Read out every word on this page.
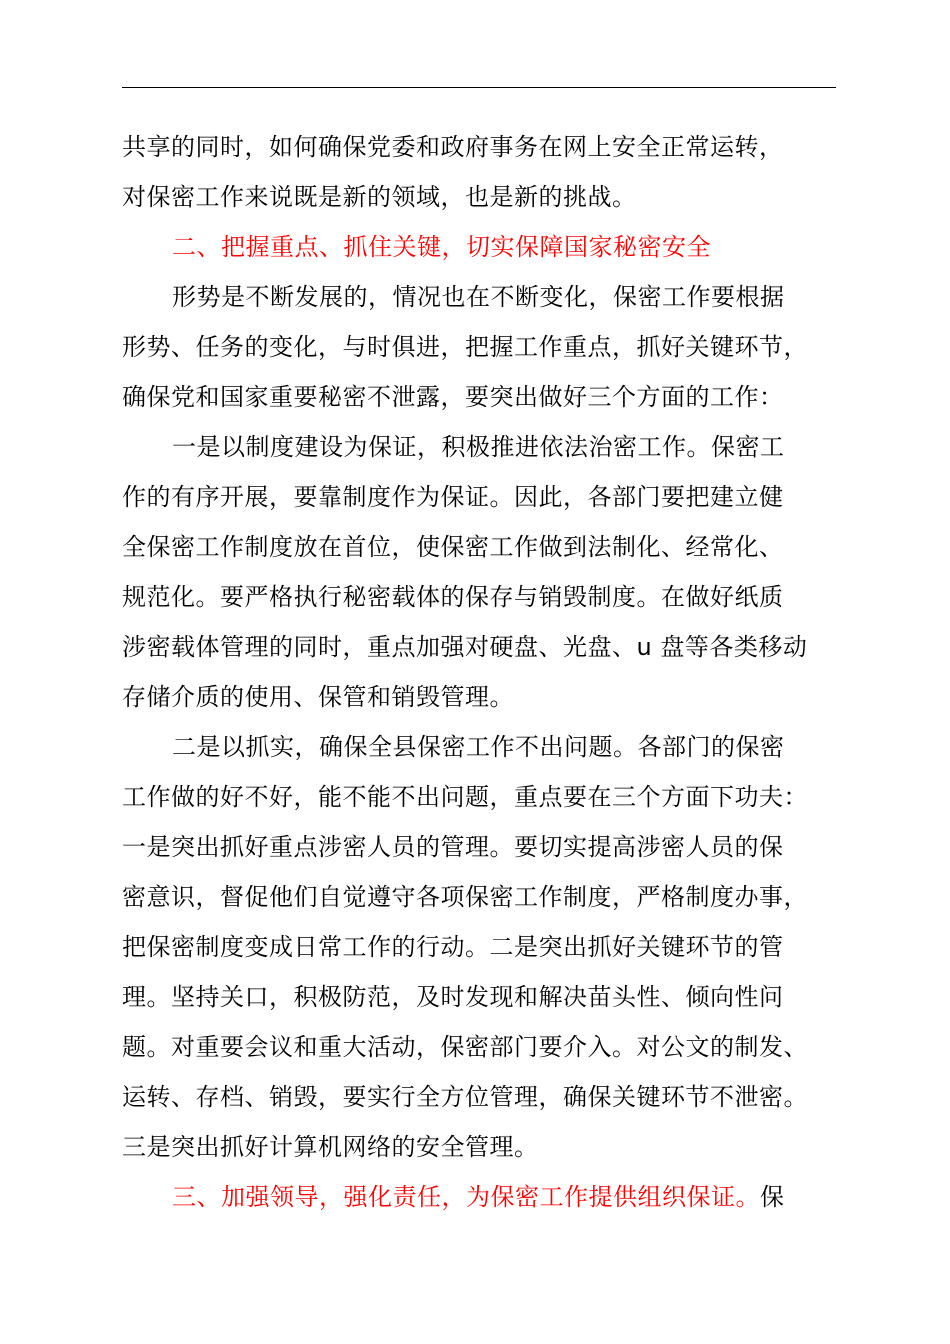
共享的同时，如何确保党委和政府事务在网上安全正常运转，
对保密工作来说既是新的领域，也是新的挑战。
二、把握重点、抓住关键，切实保障国家秘密安全
形势是不断发展的，情况也在不断变化，保密工作要根据
形势、任务的变化，与时俱进，把握工作重点，抓好关键环节，
确保党和国家重要秘密不泄露，要突出做好三个方面的工作：
一是以制度建设为保证，积极推进依法治密工作。保密工
作的有序开展，要靠制度作为保证。因此，各部门要把建立健
全保密工作制度放在首位，使保密工作做到法制化、经常化、
规范化。要严格执行秘密载体的保存与销毁制度。在做好纸质
涉密载体管理的同时，重点加强对硬盘、光盘、u 盘等各类移动
存储介质的使用、保管和销毁管理。
二是以抓实，确保全县保密工作不出问题。各部门的保密
工作做的好不好，能不能不出问题，重点要在三个方面下功夫：
一是突出抓好重点涉密人员的管理。要切实提高涉密人员的保
密意识，督促他们自觉遵守各项保密工作制度，严格制度办事，
把保密制度变成日常工作的行动。二是突出抓好关键环节的管
理。坚持关口，积极防范，及时发现和解决苗头性、倾向性问
题。对重要会议和重大活动，保密部门要介入。对公文的制发、
运转、存档、销毁，要实行全方位管理，确保关键环节不泄密。
三是突出抓好计算机网络的安全管理。
三、加强领导，强化责任，为保密工作提供组织保证。保
